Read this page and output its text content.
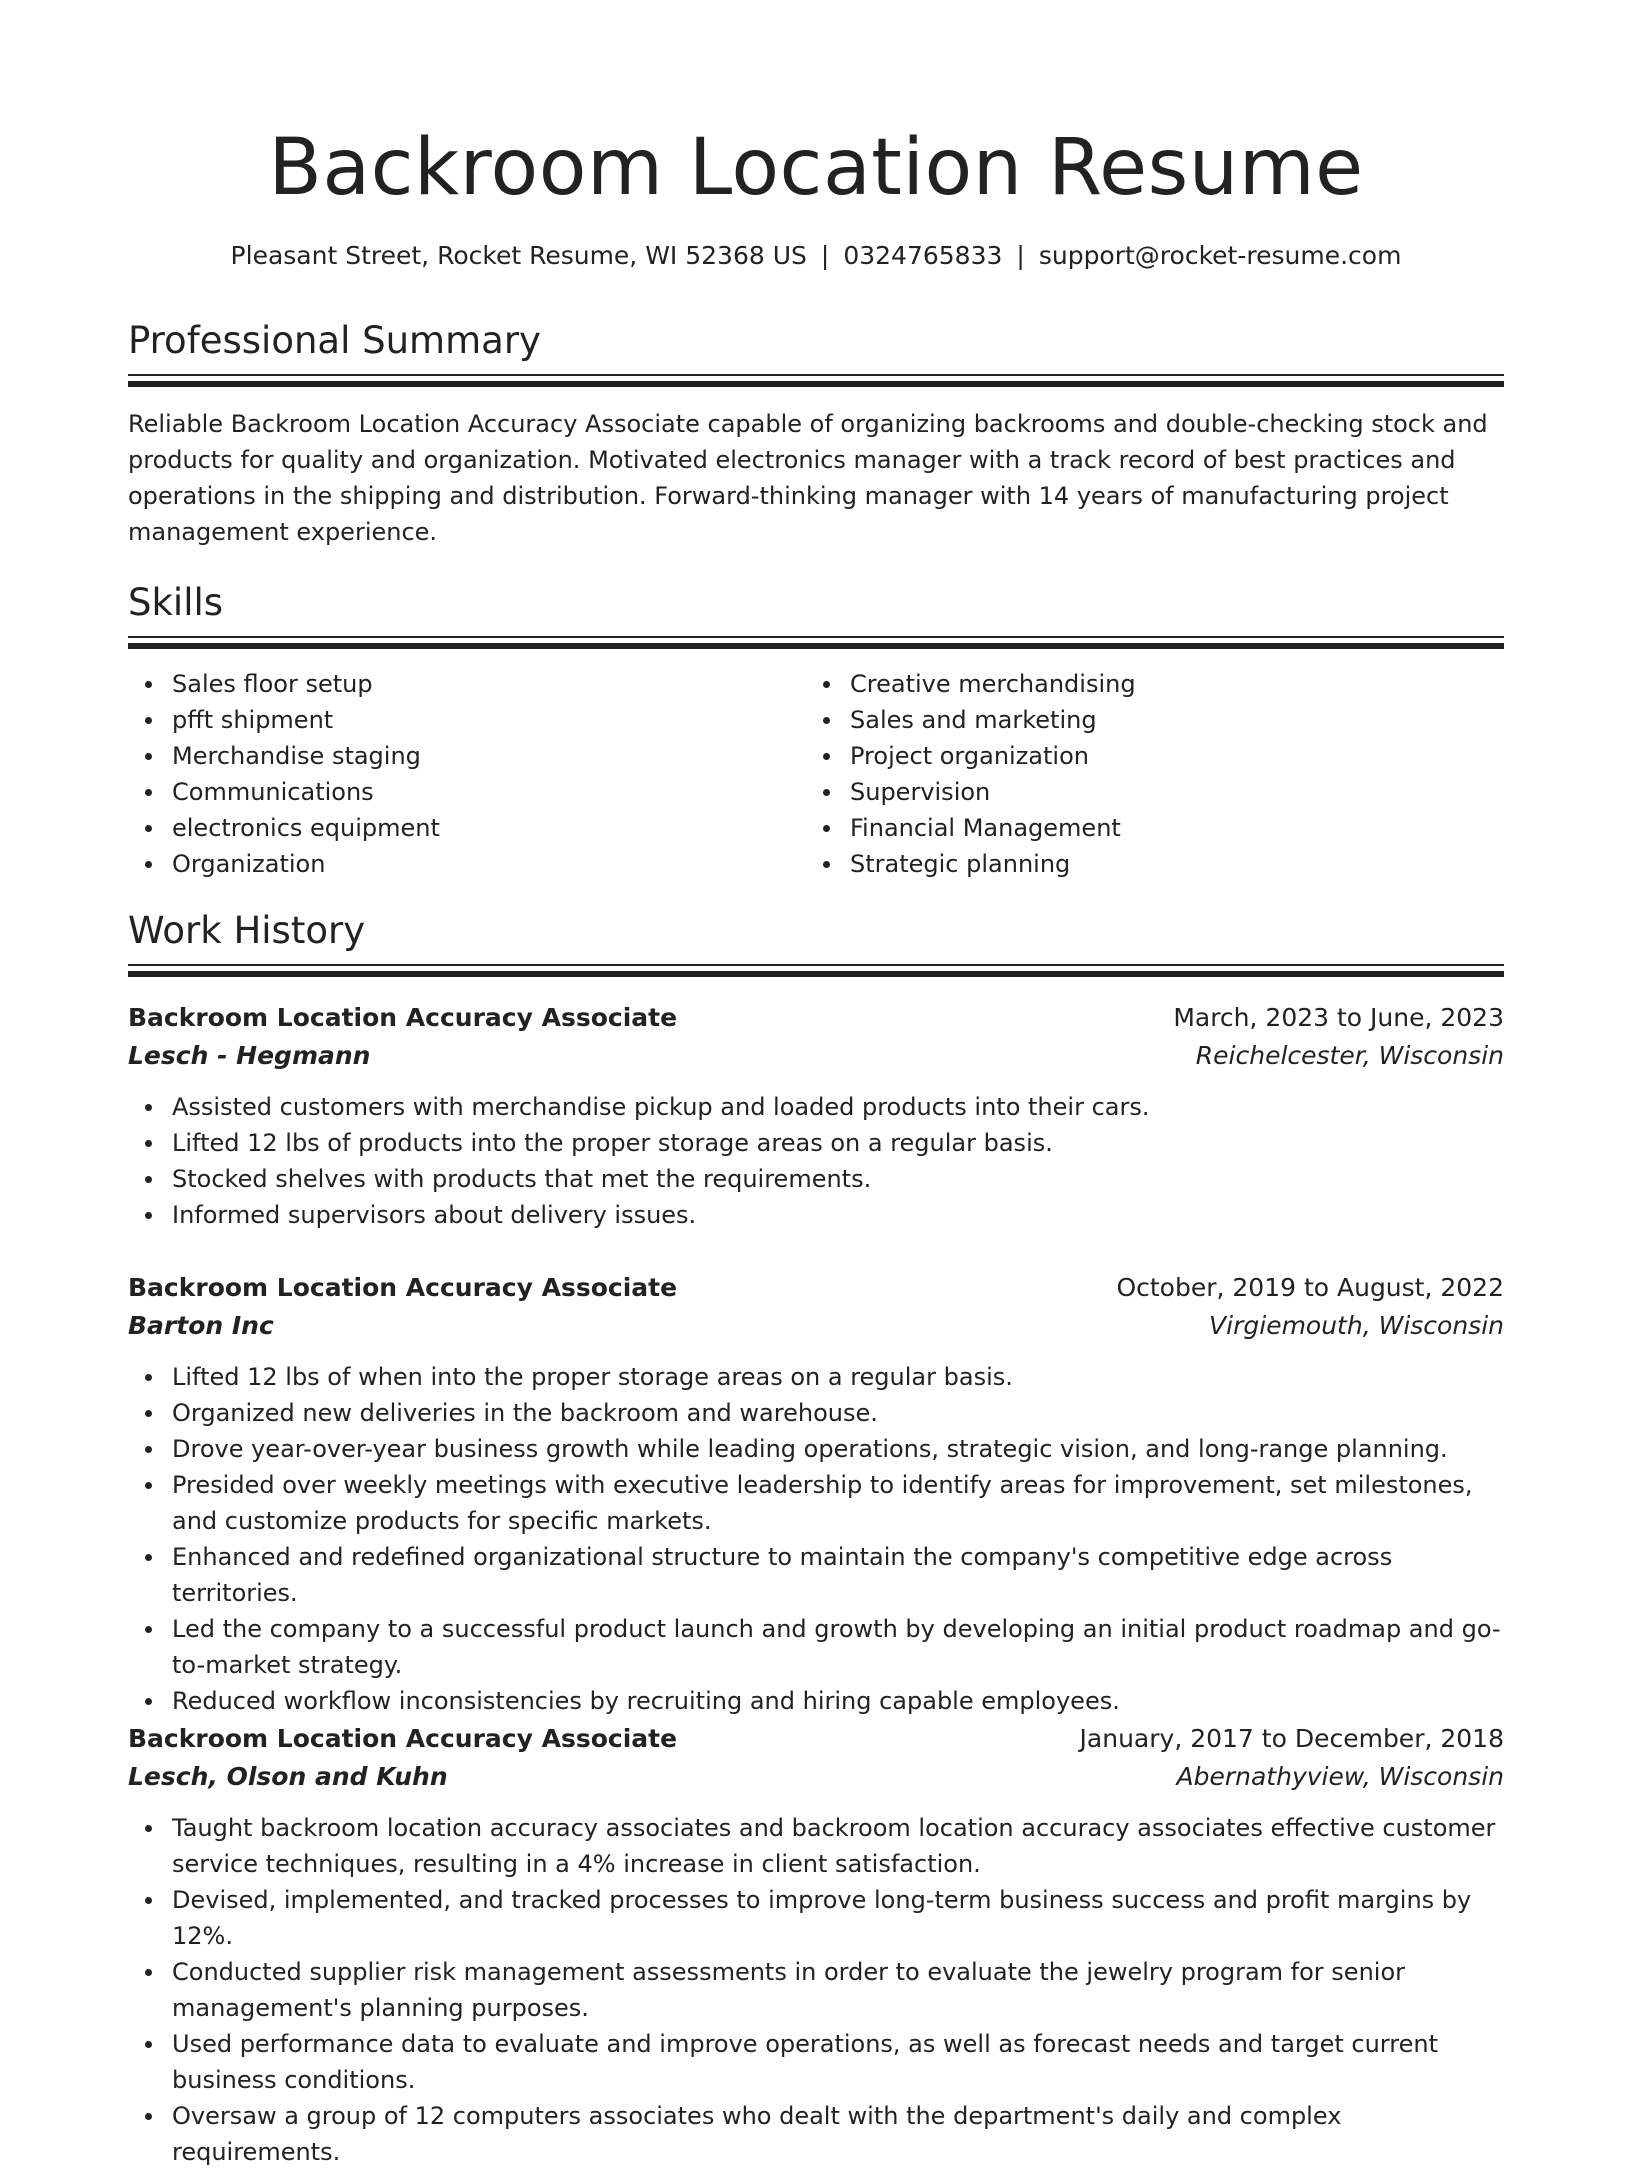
Backroom Location Resume
Pleasant Street, Rocket Resume, WI 52368 US | 0324765833 | support@rocket-resume.com
Professional Summary

Reliable Backroom Location Accuracy Associate capable of organizing backrooms and double-checking stock and products for quality and organization. Motivated electronics manager with a track record of best practices and operations in the shipping and distribution. Forward-thinking manager with 14 years of manufacturing project management experience.

Skills
Sales floor setup
pfft shipment
Merchandise staging
Communications
electronics equipment
Organization
Creative merchandising
Sales and marketing
Project organization
Supervision
Financial Management
Strategic planning
Work History
Backroom Location Accuracy Associate	March, 2023 to June, 2023
Lesch - Hegmann	Reichelcester, Wisconsin
Assisted customers with merchandise pickup and loaded products into their cars.
Lifted 12 lbs of products into the proper storage areas on a regular basis.
Stocked shelves with products that met the requirements.
Informed supervisors about delivery issues.
Backroom Location Accuracy Associate	October, 2019 to August, 2022
Barton Inc	Virgiemouth, Wisconsin
Lifted 12 lbs of when into the proper storage areas on a regular basis.
Organized new deliveries in the backroom and warehouse.
Drove year-over-year business growth while leading operations, strategic vision, and long-range planning.
Presided over weekly meetings with executive leadership to identify areas for improvement, set milestones, and customize products for specific markets.
Enhanced and redefined organizational structure to maintain the company's competitive edge across territories.
Led the company to a successful product launch and growth by developing an initial product roadmap and go-to-market strategy.
Reduced workflow inconsistencies by recruiting and hiring capable employees.
Backroom Location Accuracy Associate	January, 2017 to December, 2018
Lesch, Olson and Kuhn	Abernathyview, Wisconsin
Taught backroom location accuracy associates and backroom location accuracy associates effective customer service techniques, resulting in a 4% increase in client satisfaction.
Devised, implemented, and tracked processes to improve long-term business success and profit margins by 12%.
Conducted supplier risk management assessments in order to evaluate the jewelry program for senior management's planning purposes.
Used performance data to evaluate and improve operations, as well as forecast needs and target current business conditions.
Oversaw a group of 12 computers associates who dealt with the department's daily and complex requirements.
